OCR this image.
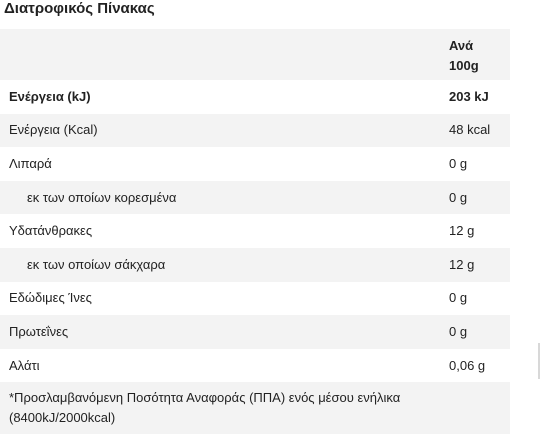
Διατροφικός Πίνακας

	Ανά
100g

Ενέργεια (kJ)	203 kJ
Ενέργεια (Kcal)	48 kcal
Λιπαρά	0 g
εκ των οποίων κορεσμένα	0 g
Υδατάνθρακες	12 g
εκ των οποίων σάκχαρα	12 g
Εδώδιμες Ίνες	0 g
Πρωτεΐνες	0 g
Αλάτι	0,06 g
*Προσλαμβανόμενη Ποσότητα Αναφοράς (ΠΠΑ) ενός μέσου ενήλικα (8400kJ/2000kcal)	
